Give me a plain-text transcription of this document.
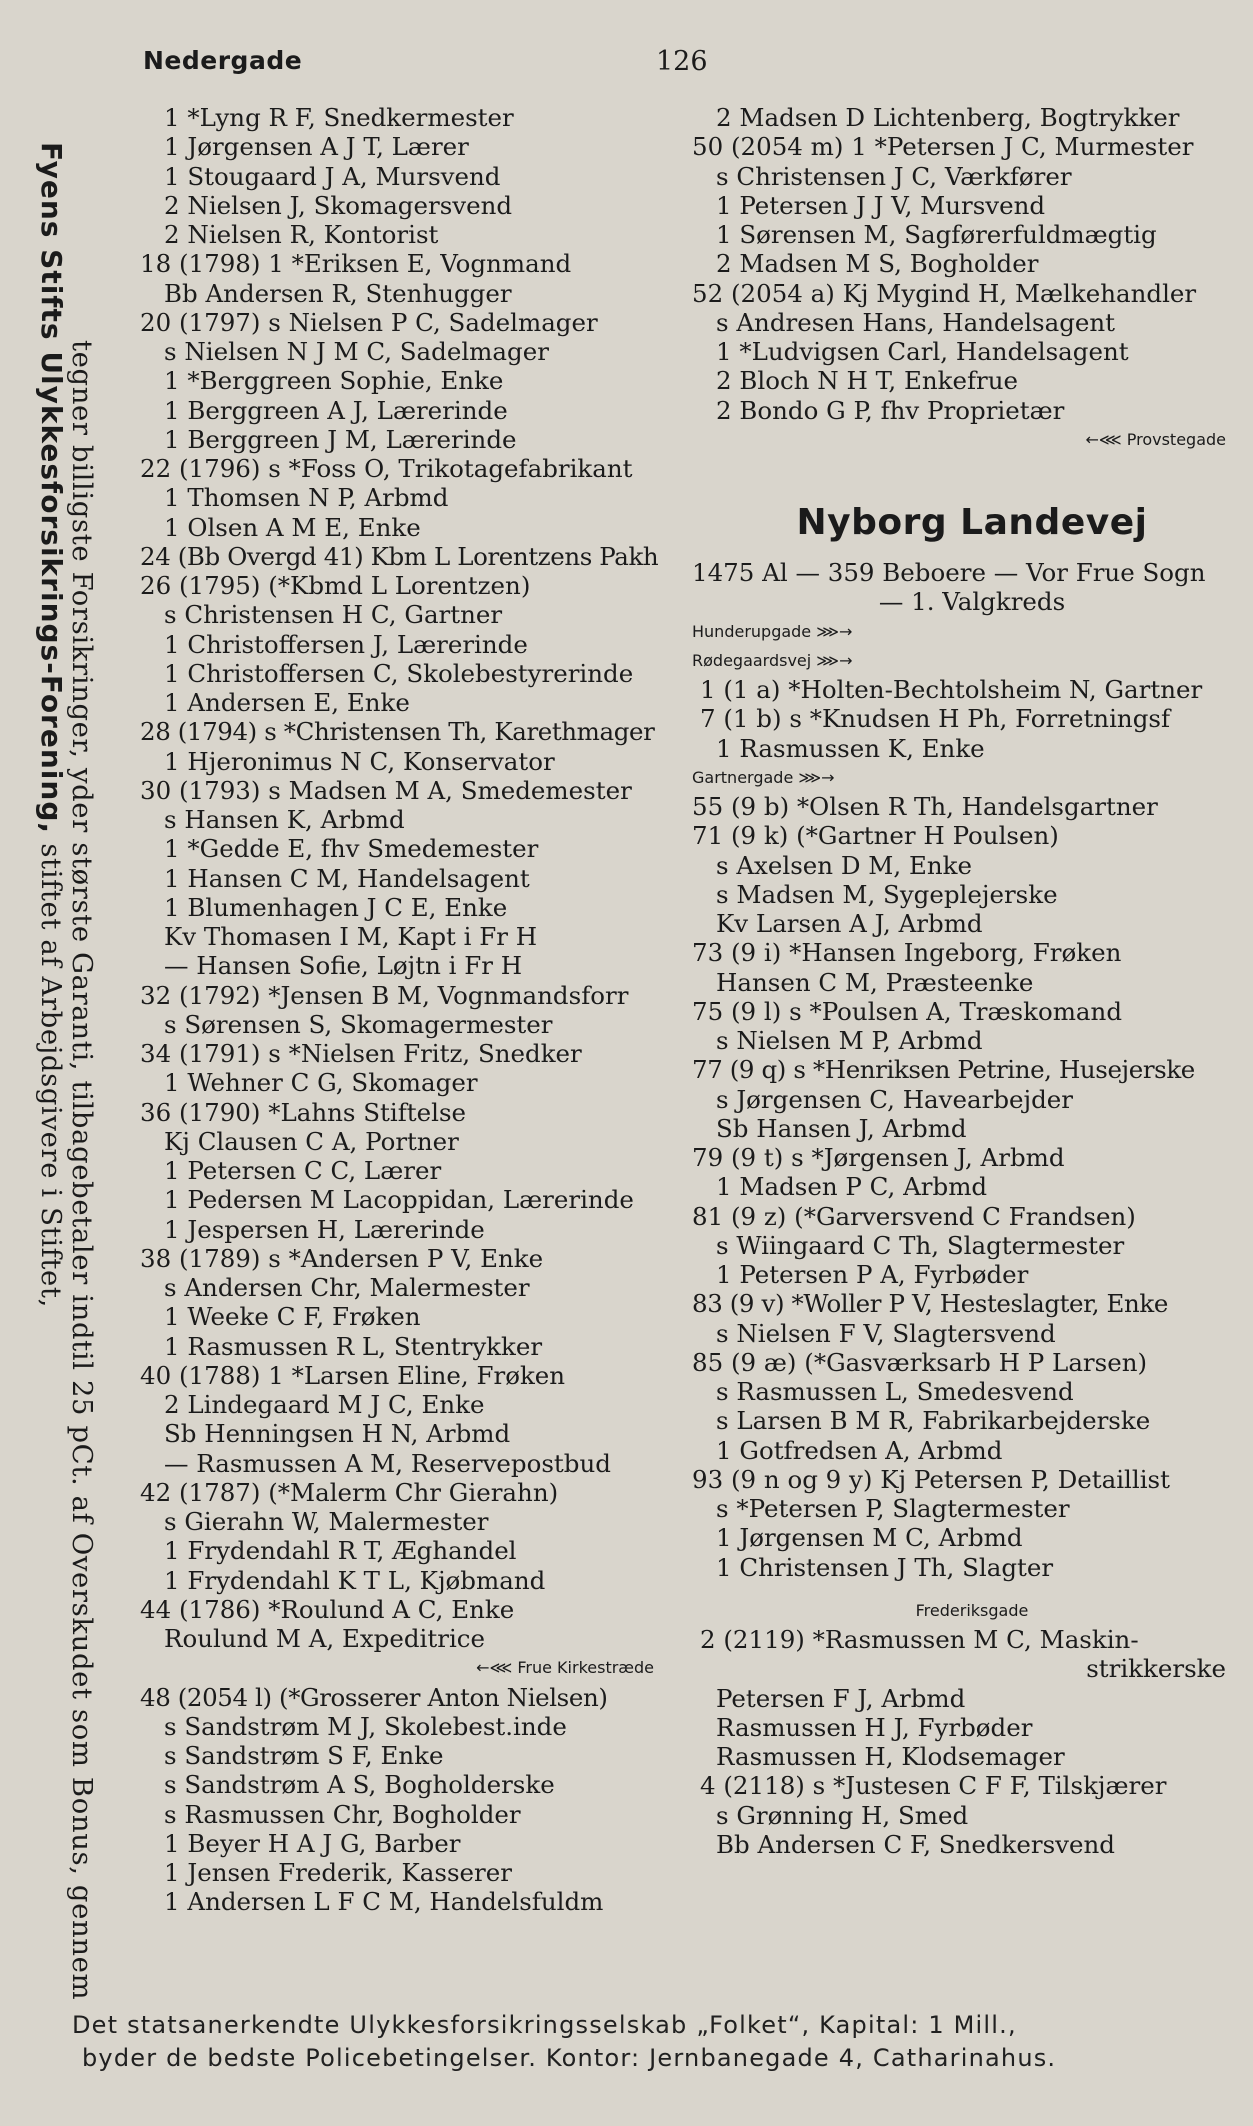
Nedergade	126
Fyens Stifts Ulykkesforsikrings-Forening, stiftet af Arbejdsgivere i Stiftet, tegner billigste Forsikringer, yder største Garanti, tilbagebetaler indtil 25 pCt. af Overskudet som Bonus, gennem
1 *Lyng R F, Snedkermester
1 Jørgensen A J T, Lærer
1 Stougaard J A, Mursvend
2 Nielsen J, Skomagersvend
2 Nielsen R, Kontorist
18 (1798) 1 *Eriksen E, Vognmand
Bb Andersen R, Stenhugger
20 (1797) s Nielsen P C, Sadelmager
s Nielsen N J M C, Sadelmager
1 *Berggreen Sophie, Enke
1 Berggreen A J, Lærerinde
1 Berggreen J M, Lærerinde
22 (1796) s *Foss O, Trikotagefabrikant
1 Thomsen N P, Arbmd
1 Olsen A M E, Enke
24 (Bb Overgd 41) Kbm L Lorentzens Pakh
26 (1795) (*Kbmd L Lorentzen)
s Christensen H C, Gartner
1 Christoffersen J, Lærerinde
1 Christoffersen C, Skolebestyrerinde
1 Andersen E, Enke
28 (1794) s *Christensen Th, Karethmager
1 Hjeronimus N C, Konservator
30 (1793) s Madsen M A, Smedemester
s Hansen K, Arbmd
1 *Gedde E, fhv Smedemester
1 Hansen C M, Handelsagent
1 Blumenhagen J C E, Enke
Kv Thomasen I M, Kapt i Fr H
— Hansen Sofie, Løjtn i Fr H
32 (1792) *Jensen B M, Vognmandsforr
s Sørensen S, Skomagermester
34 (1791) s *Nielsen Fritz, Snedker
1 Wehner C G, Skomager
36 (1790) *Lahns Stiftelse
Kj Clausen C A, Portner
1 Petersen C C, Lærer
1 Pedersen M Lacoppidan, Lærerinde
1 Jespersen H, Lærerinde
38 (1789) s *Andersen P V, Enke
s Andersen Chr, Malermester
1 Weeke C F, Frøken
1 Rasmussen R L, Stentrykker
40 (1788) 1 *Larsen Eline, Frøken
2 Lindegaard M J C, Enke
Sb Henningsen H N, Arbmd
— Rasmussen A M, Reservepostbud
42 (1787) (*Malerm Chr Gierahn)
s Gierahn W, Malermester
1 Frydendahl R T, Æghandel
1 Frydendahl K T L, Kjøbmand
44 (1786) *Roulund A C, Enke
Roulund M A, Expeditrice
←⋘ Frue Kirkestræde
48 (2054 l) (*Grosserer Anton Nielsen)
s Sandstrøm M J, Skolebest.inde
s Sandstrøm S F, Enke
s Sandstrøm A S, Bogholderske
s Rasmussen Chr, Bogholder
1 Beyer H A J G, Barber
1 Jensen Frederik, Kasserer
1 Andersen L F C M, Handelsfuldm
2 Madsen D Lichtenberg, Bogtrykker
50 (2054 m) 1 *Petersen J C, Murmester
s Christensen J C, Værkfører
1 Petersen J J V, Mursvend
1 Sørensen M, Sagførerfuldmægtig
2 Madsen M S, Bogholder
52 (2054 a) Kj Mygind H, Mælkehandler
s Andresen Hans, Handelsagent
1 *Ludvigsen Carl, Handelsagent
2 Bloch N H T, Enkefrue
2 Bondo G P, fhv Proprietær
←⋘ Provstegade
Nyborg Landevej
1475 Al — 359 Beboere — Vor Frue Sogn
— 1. Valgkreds
Hunderupgade ⋙→
Rødegaardsvej ⋙→
1 (1 a) *Holten-Bechtolsheim N, Gartner
7 (1 b) s *Knudsen H Ph, Forretningsf
1 Rasmussen K, Enke
Gartnergade ⋙→
55 (9 b) *Olsen R Th, Handelsgartner
71 (9 k) (*Gartner H Poulsen)
s Axelsen D M, Enke
s Madsen M, Sygeplejerske
Kv Larsen A J, Arbmd
73 (9 i) *Hansen Ingeborg, Frøken
Hansen C M, Præsteenke
75 (9 l) s *Poulsen A, Træskomand
s Nielsen M P, Arbmd
77 (9 q) s *Henriksen Petrine, Husejerske
s Jørgensen C, Havearbejder
Sb Hansen J, Arbmd
79 (9 t) s *Jørgensen J, Arbmd
1 Madsen P C, Arbmd
81 (9 z) (*Garversvend C Frandsen)
s Wiingaard C Th, Slagtermester
1 Petersen P A, Fyrbøder
83 (9 v) *Woller P V, Hesteslagter, Enke
s Nielsen F V, Slagtersvend
85 (9 æ) (*Gasværksarb H P Larsen)
s Rasmussen L, Smedesvend
s Larsen B M R, Fabrikarbejderske
1 Gotfredsen A, Arbmd
93 (9 n og 9 y) Kj Petersen P, Detaillist
s *Petersen P, Slagtermester
1 Jørgensen M C, Arbmd
1 Christensen J Th, Slagter
Frederiksgade
2 (2119) *Rasmussen M C, Maskin-
strikkerske
Petersen F J, Arbmd
Rasmussen H J, Fyrbøder
Rasmussen H, Klodsemager
4 (2118) s *Justesen C F F, Tilskjærer
s Grønning H, Smed
Bb Andersen C F, Snedkersvend
Det statsanerkendte Ulykkesforsikringsselskab „Folket“, Kapital: 1 Mill.,
byder de bedste Policebetingelser. Kontor: Jernbanegade 4, Catharinahus.
